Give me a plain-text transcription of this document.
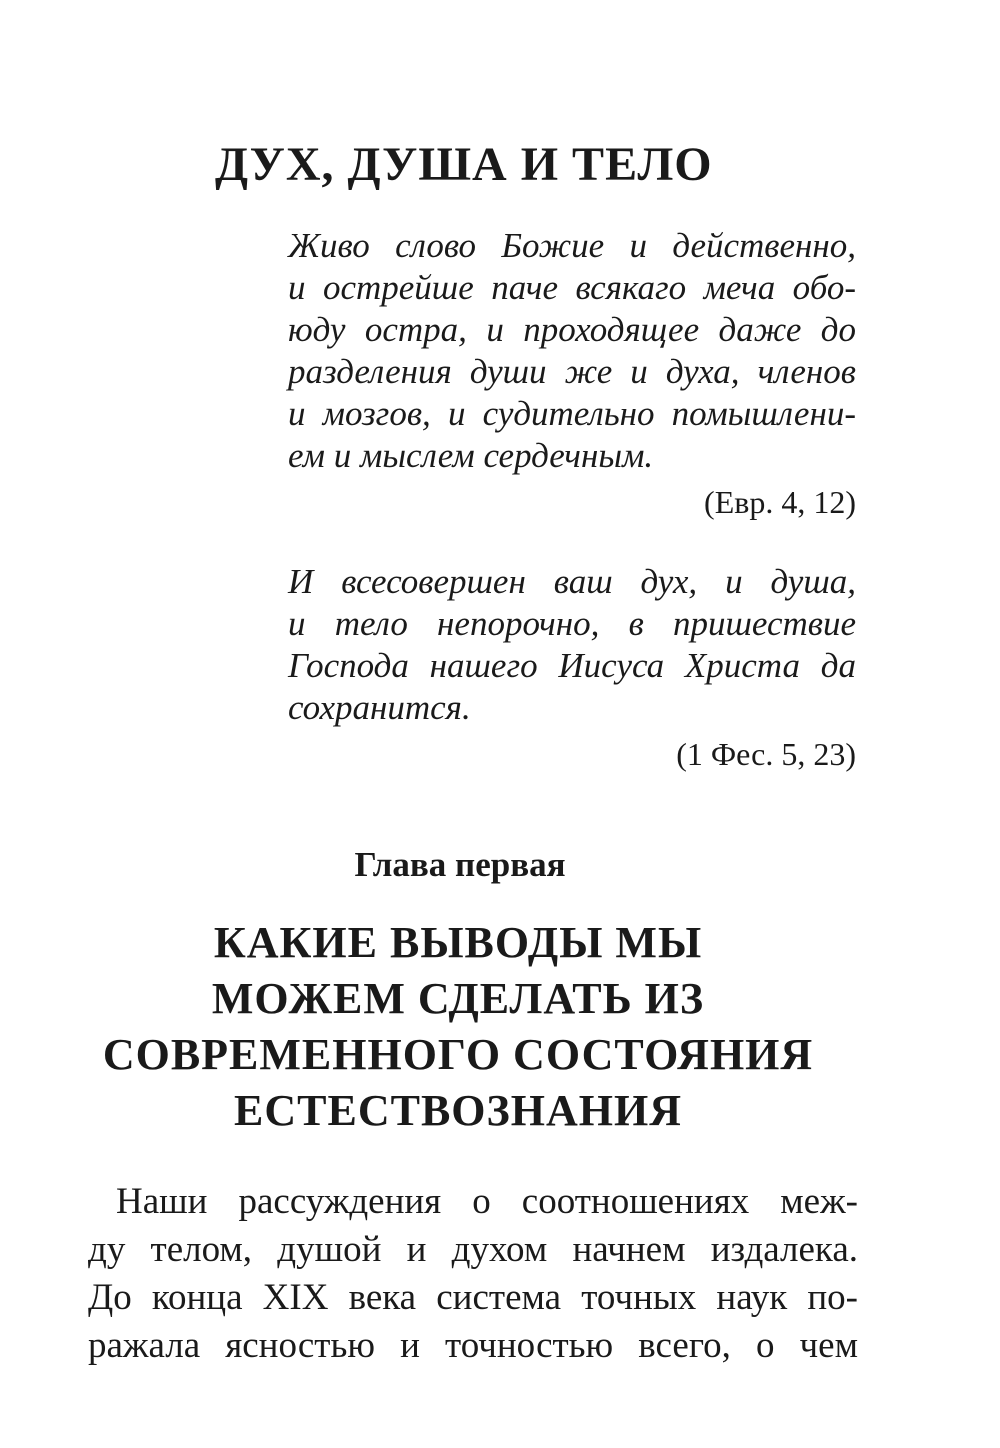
ДУХ, ДУША И ТЕЛО
Живо слово Божие и действенно,
и острейше паче всякаго меча обо-
юду остра, и проходящее даже до
разделения души же и духа, членов
и мозгов, и судительно помышлени-
ем и мыслем сердечным.
(Евр. 4, 12)
И всесовершен ваш дух, и душа,
и тело непорочно, в пришествие
Господа нашего Иисуса Христа да
сохранится.
(1 Фес. 5, 23)
Глава первая
КАКИЕ ВЫВОДЫ МЫ
МОЖЕМ СДЕЛАТЬ ИЗ
СОВРЕМЕННОГО СОСТОЯНИЯ
ЕСТЕСТВОЗНАНИЯ
Наши рассуждения о соотношениях меж-
ду телом, душой и духом начнем издалека.
До конца XIX века система точных наук по-
ражала ясностью и точностью всего, о чем
